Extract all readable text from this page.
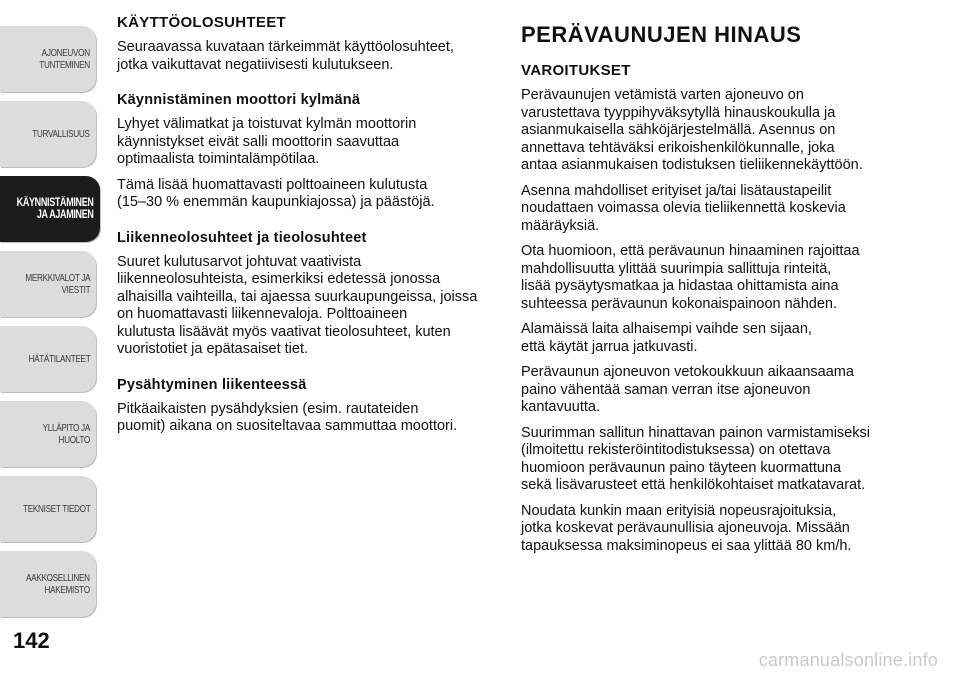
AJONEUVON
TUNTEMINEN
TURVALLISUUS
KÄYNNISTÄMINEN
JA AJAMINEN
MERKKIVALOT JA
VIESTIT
HÄTÄTILANTEET
YLLÄPITO JA HUOLTO
TEKNISET TIEDOT
AAKKOSELLINEN
HAKEMISTO
142
KÄYTTÖOLOSUHTEET

Seuraavassa kuvataan tärkeimmät käyttöolosuhteet,
jotka vaikuttavat negatiivisesti kulutukseen.

Käynnistäminen moottori kylmänä

Lyhyet välimatkat ja toistuvat kylmän moottorin
käynnistykset eivät salli moottorin saavuttaa
optimaalista toimintalämpötilaa.

Tämä lisää huomattavasti polttoaineen kulutusta
(15–30 % enemmän kaupunkiajossa) ja päästöjä.

Liikenneolosuhteet ja tieolosuhteet

Suuret kulutusarvot johtuvat vaativista
liikenneolosuhteista, esimerkiksi edetessä jonossa
alhaisilla vaihteilla, tai ajaessa suurkaupungeissa, joissa
on huomattavasti liikennevaloja. Polttoaineen
kulutusta lisäävät myös vaativat tieolosuhteet, kuten
vuoristotiet ja epätasaiset tiet.

Pysähtyminen liikenteessä

Pitkäaikaisten pysähdyksien (esim. rautateiden
puomit) aikana on suositeltavaa sammuttaa moottori.

PERÄVAUNUJEN HINAUS
VAROITUKSET

Perävaunujen vetämistä varten ajoneuvo on
varustettava tyyppihyväksytyllä hinauskoukulla ja
asianmukaisella sähköjärjestelmällä. Asennus on
annettava tehtäväksi erikoishenkilökunnalle, joka
antaa asianmukaisen todistuksen tieliikennekäyttöön.

Asenna mahdolliset erityiset ja/tai lisätaustapeilit
noudattaen voimassa olevia tieliikennettä koskevia
määräyksiä.

Ota huomioon, että perävaunun hinaaminen rajoittaa
mahdollisuutta ylittää suurimpia sallittuja rinteitä,
lisää pysäytysmatkaa ja hidastaa ohittamista aina
suhteessa perävaunun kokonaispainoon nähden.

Alamäissä laita alhaisempi vaihde sen sijaan,
että käytät jarrua jatkuvasti.

Perävaunun ajoneuvon vetokoukkuun aikaansaama
paino vähentää saman verran itse ajoneuvon
kantavuutta.

Suurimman sallitun hinattavan painon varmistamiseksi
(ilmoitettu rekisteröintitodistuksessa) on otettava
huomioon perävaunun paino täyteen kuormattuna
sekä lisävarusteet että henkilökohtaiset matkatavarat.

Noudata kunkin maan erityisiä nopeusrajoituksia,
jotka koskevat perävaunullisia ajoneuvoja. Missään
tapauksessa maksiminopeus ei saa ylittää 80 km/h.

carmanualsonline.info
